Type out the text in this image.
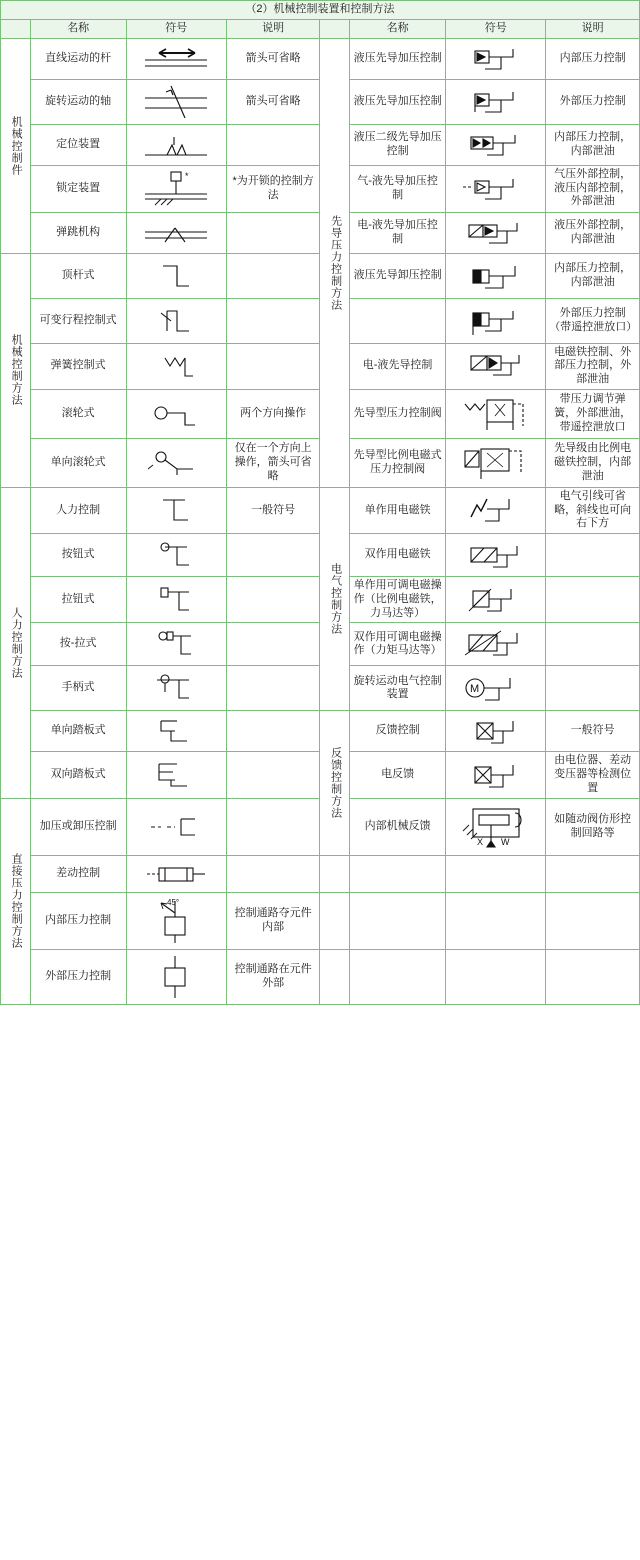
（2）机械控制装置和控制方法							
	名称	符号	说明		名称	符号	说明
机械控制件	直线运动的杆		箭头可省略	先导压力控制方法	液压先导加压控制		内部压力控制
	旋转运动的轴		箭头可省略		液压先导加压控制		外部压力控制
	定位装置				液压二级先导加压控制		内部压力控制，内部泄油
	锁定装置	*	*为开锁的控制方法		气-液先导加压控制		气压外部控制，液压内部控制，外部泄油
	弹跳机构				电-液先导加压控制		液压外部控制，内部泄油
机械控制方法	顶杆式				液压先导卸压控制		内部压力控制，内部泄油
	可变行程控制式						外部压力控制（带遥控泄放口）
	弹簧控制式				电-液先导控制		电磁铁控制、外部压力控制，外部泄油
	滚轮式		两个方向操作		先导型压力控制阀		带压力调节弹簧，外部泄油，带遥控泄放口
	单向滚轮式		仅在一个方向上操作，箭头可省略		先导型比例电磁式压力控制阀		先导级由比例电磁铁控制，内部泄油
人力控制方法	人力控制		一般符号	电气控制方法	单作用电磁铁		电气引线可省略，斜线也可向右下方
	按钮式				双作用电磁铁	

	拉钮式				单作用可调电磁操作（比例电磁铁，力马达等）	

	按-拉式				双作用可调电磁操作（力矩马达等）	

	手柄式				旋转运动电气控制装置	M	

	单向踏板式			反馈控制方法	反馈控制		一般符号
	双向踏板式				电反馈		由电位器、差动变压器等检测位置
直接压力控制方法	加压或卸压控制				内部机械反馈	X W	如随动阀仿形控制回路等
	差动控制	

	内部压力控制	45°	控制通路夺元件内部				
	外部压力控制		控制通路在元件外部				
